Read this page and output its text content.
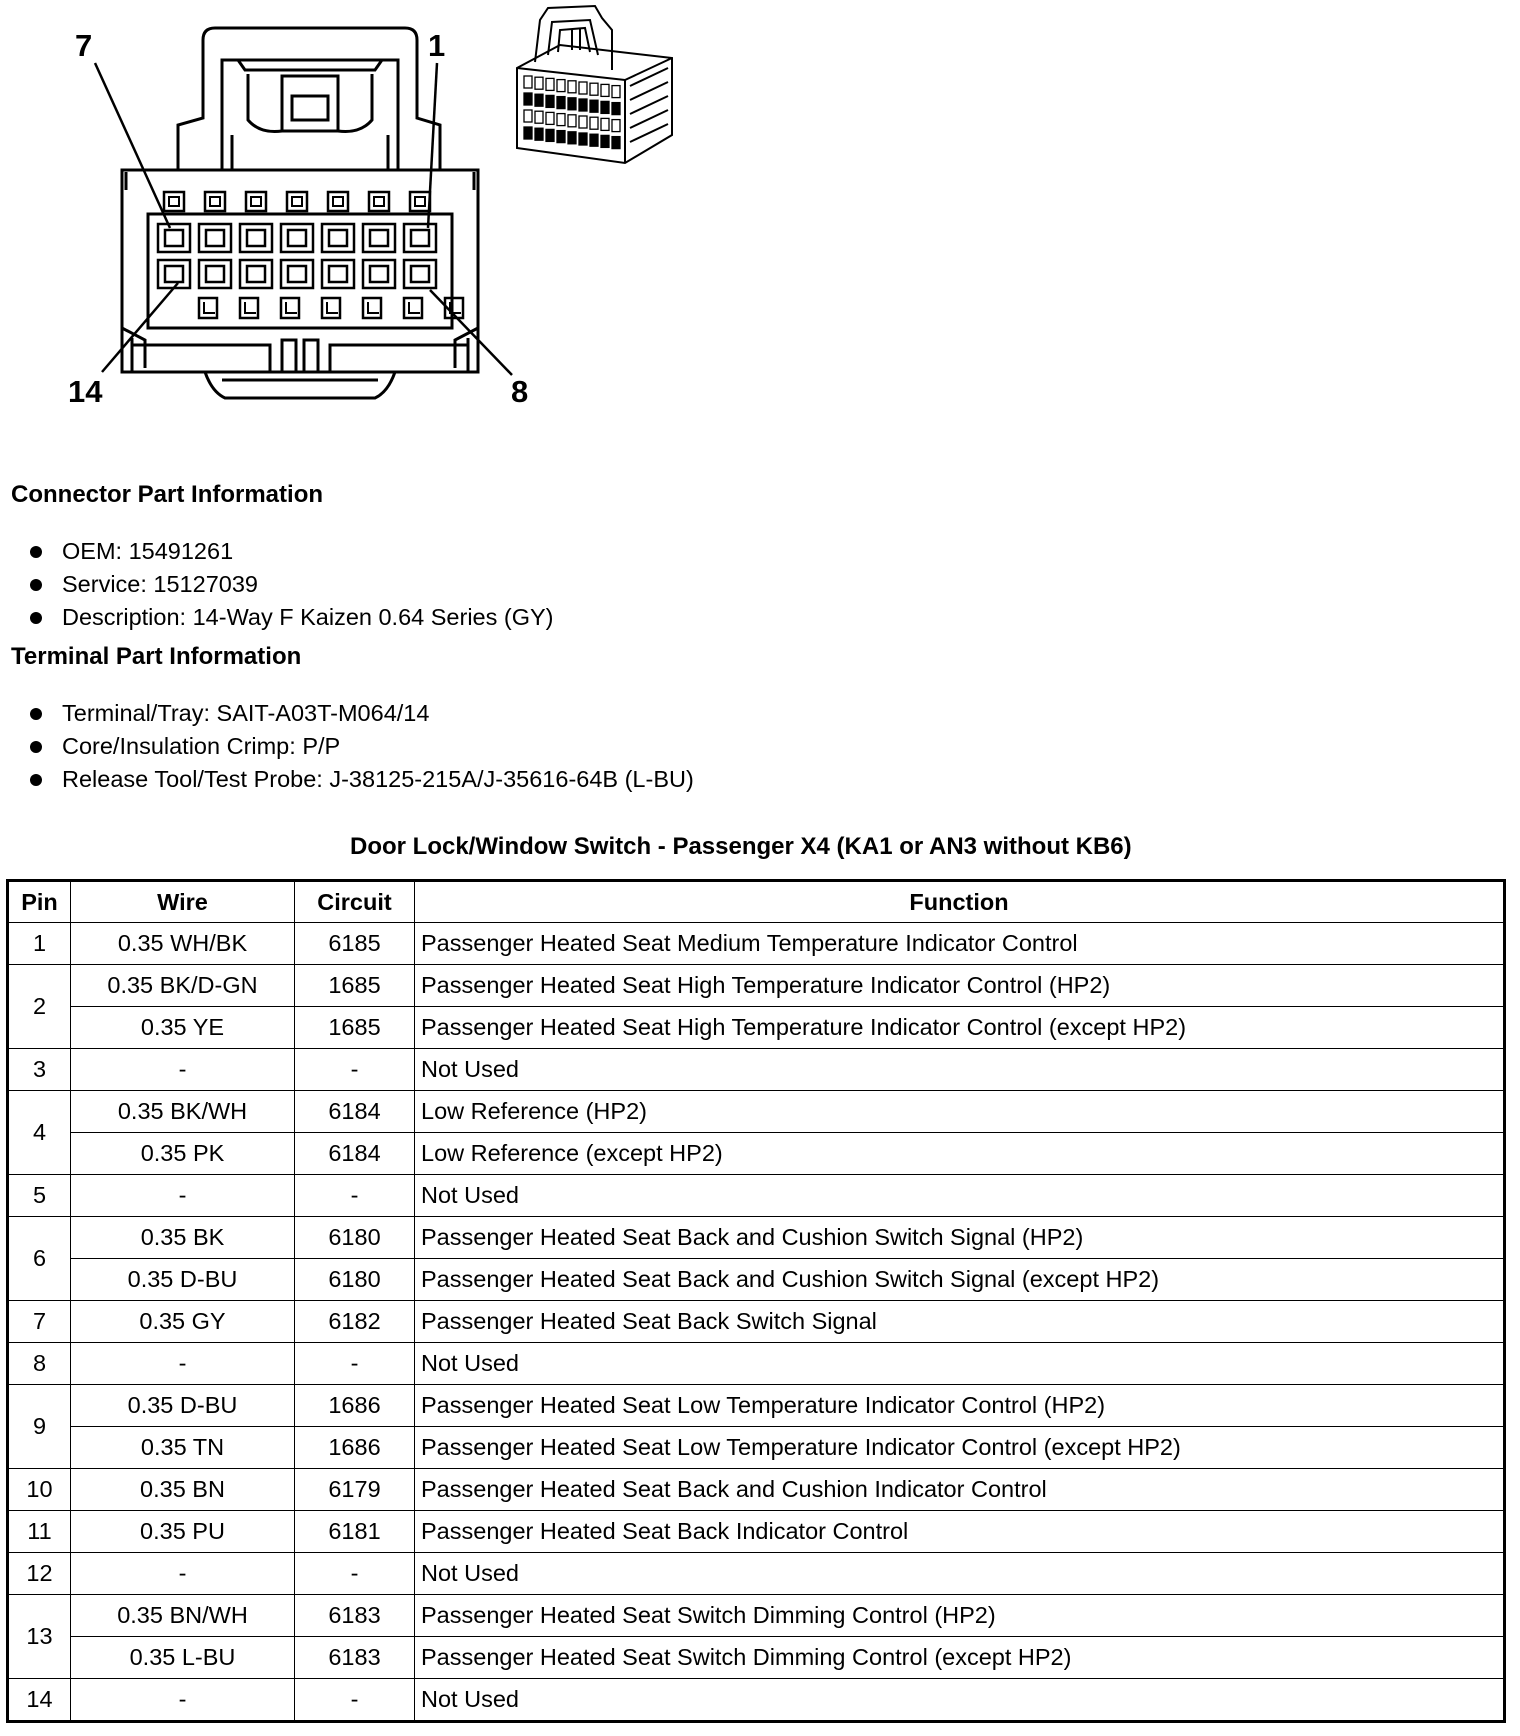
7	1
14	8
Connector Part Information
OEM: 15491261
Service: 15127039
Description: 14-Way F Kaizen 0.64 Series (GY)
Terminal Part Information
Terminal/Tray: SAIT-A03T-M064/14
Core/Insulation Crimp: P/P
Release Tool/Test Probe: J-38125-215A/J-35616-64B (L-BU)
Door Lock/Window Switch - Passenger X4 (KA1 or AN3 without KB6)
Pin	Wire	Circuit	Function
1	0.35 WH/BK	6185	Passenger Heated Seat Medium Temperature Indicator Control
2	0.35 BK/D-GN	1685	Passenger Heated Seat High Temperature Indicator Control (HP2)
	0.35 YE	1685	Passenger Heated Seat High Temperature Indicator Control (except HP2)
3	-	-	Not Used
4	0.35 BK/WH	6184	Low Reference (HP2)
	0.35 PK	6184	Low Reference (except HP2)
5	-	-	Not Used
6	0.35 BK	6180	Passenger Heated Seat Back and Cushion Switch Signal (HP2)
	0.35 D-BU	6180	Passenger Heated Seat Back and Cushion Switch Signal (except HP2)
7	0.35 GY	6182	Passenger Heated Seat Back Switch Signal
8	-	-	Not Used
9	0.35 D-BU	1686	Passenger Heated Seat Low Temperature Indicator Control (HP2)
	0.35 TN	1686	Passenger Heated Seat Low Temperature Indicator Control (except HP2)
10	0.35 BN	6179	Passenger Heated Seat Back and Cushion Indicator Control
11	0.35 PU	6181	Passenger Heated Seat Back Indicator Control
12	-	-	Not Used
13	0.35 BN/WH	6183	Passenger Heated Seat Switch Dimming Control (HP2)
	0.35 L-BU	6183	Passenger Heated Seat Switch Dimming Control (except HP2)
14	-	-	Not Used
